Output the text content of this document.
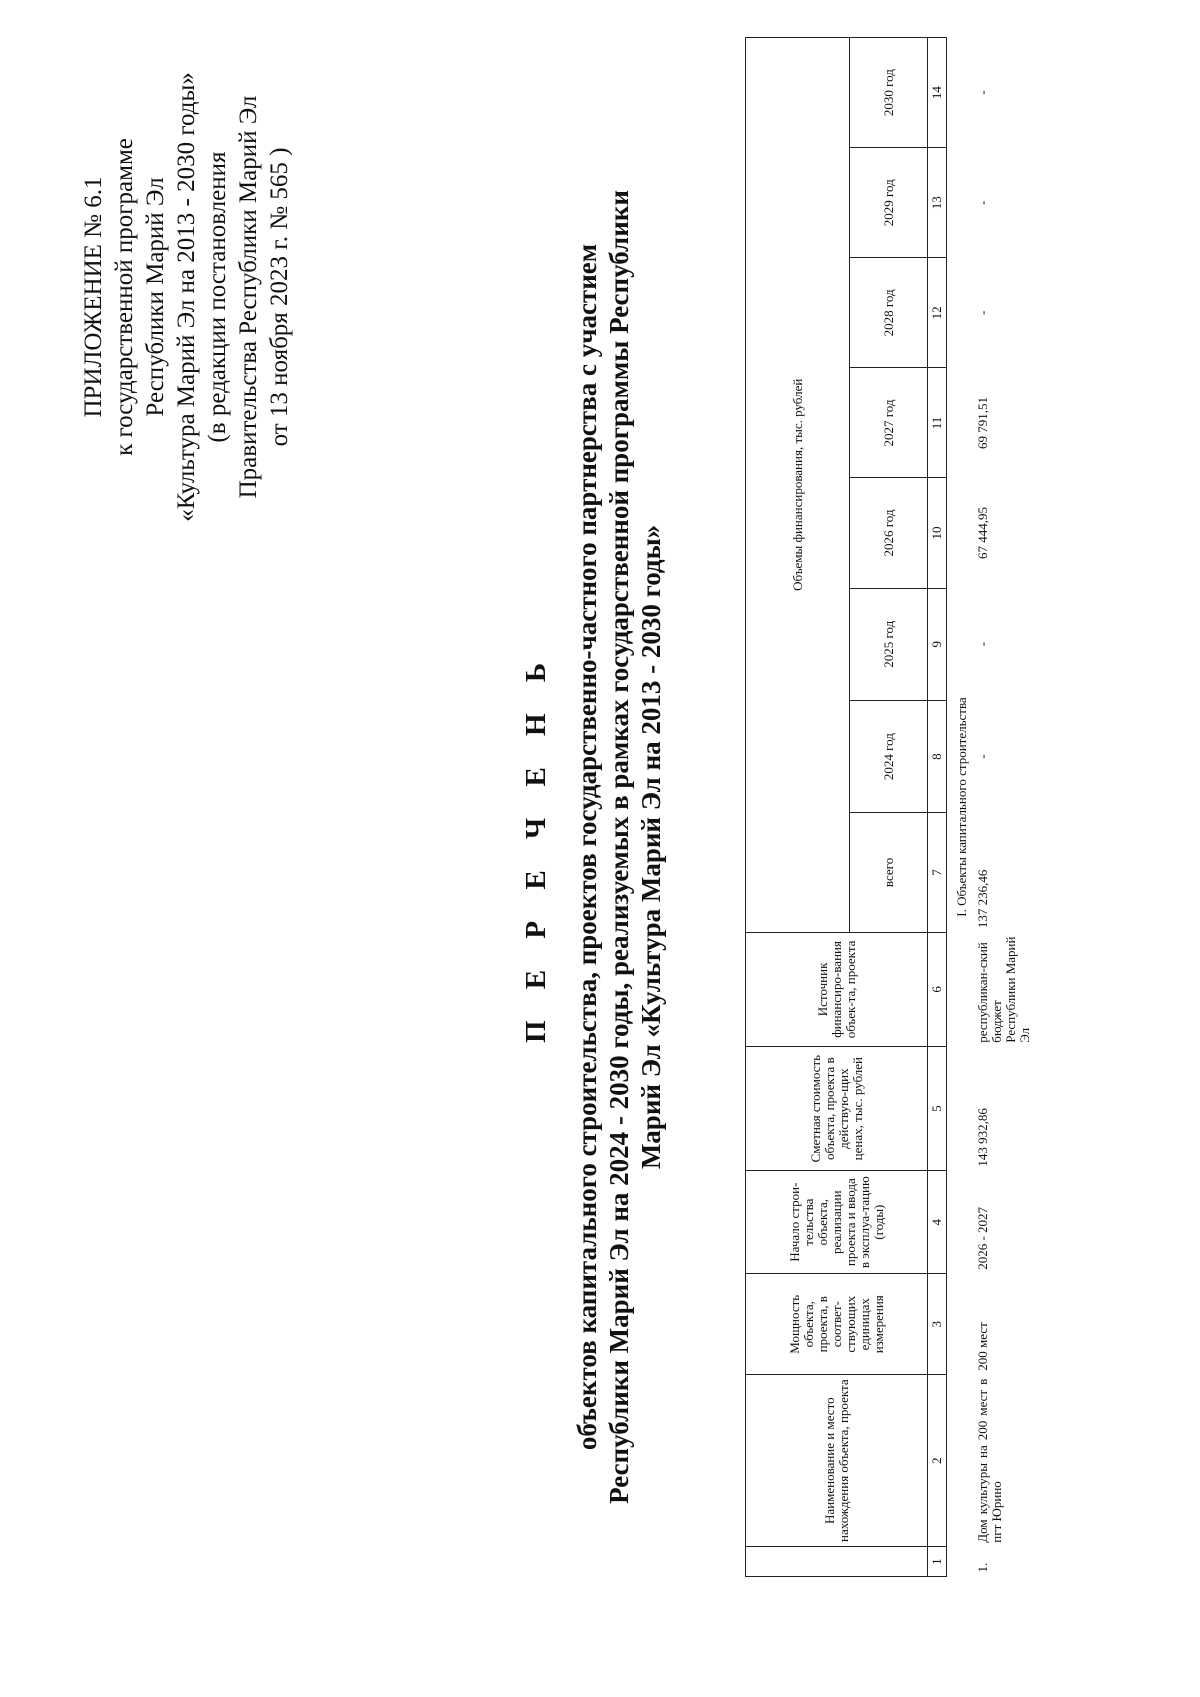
ПРИЛОЖЕНИЕ № 6.1 к государственной программе Республики Марий Эл «Культура Марий Эл на 2013 - 2030 годы» (в редакции постановления Правительства Республики Марий Эл от 13 ноября 2023 г. № 565 )
П Е Р Е Ч Е Н Ь объектов капитального строительства, проектов государственно-частного партнерства с участием Республики Марий Эл на 2024 - 2030 годы, реализуемых в рамках государственной программы Республики Марий Эл «Культура Марий Эл на 2013 - 2030 годы»
	Наименование и место нахождения объекта, проекта	Мощность объекта, проекта, в соответ-ствующих единицах измерения	Начало строи-тельства объекта, реализации проекта и ввода в эксплуа-тацию (годы)	Сметная стоимость объекта, проекта в действую-щих ценах, тыс. рублей	Источник финансиро-вания объек-та, проекта	Объемы финансирования, тыс. рублей							
						всего	2024 год	2025 год	2026 год	2027 год	2028 год	2029 год	2030 год
1	2	3	4	5	6	7	8	9	10	11	12	13	14
I. Объекты капитального строительства													
1.	Дом культуры на 200 мест в пгт Юрино	200 мест	2026 - 2027	143 932,86	республикан-ский бюджет Республики Марий Эл	137 236,46	-	-	67 444,95	69 791,51	-	-	-
